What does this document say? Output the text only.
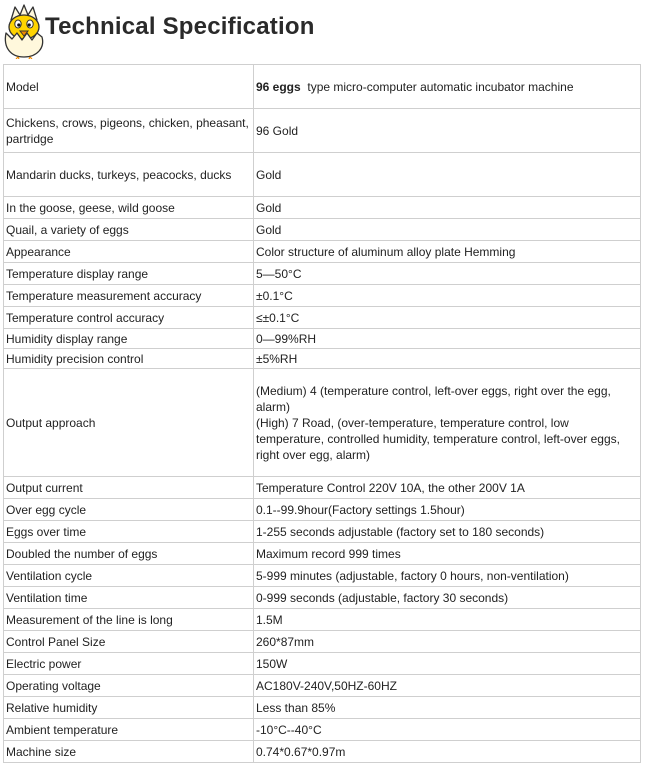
Technical Specification
Model	96 eggs type micro-computer automatic incubator machine
Chickens, crows, pigeons, chicken, pheasant, partridge	96 Gold
Mandarin ducks, turkeys, peacocks, ducks	Gold
In the goose, geese, wild goose	Gold
Quail, a variety of eggs	Gold
Appearance	Color structure of aluminum alloy plate Hemming
Temperature display range	5—50°C
Temperature measurement accuracy	±0.1°C
Temperature control accuracy	≤±0.1°C
Humidity display range	0—99%RH
Humidity precision control	±5%RH
Output approach	(Medium) 4 (temperature control, left-over eggs, right over the egg, alarm)
(High) 7 Road, (over-temperature, temperature control, low temperature, controlled humidity, temperature control, left-over eggs, right over egg, alarm)

Output current	Temperature Control 220V 10A, the other 200V 1A
Over egg cycle	0.1--99.9hour(Factory settings 1.5hour)
Eggs over time	1-255 seconds adjustable (factory set to 180 seconds)
Doubled the number of eggs	Maximum record 999 times
Ventilation cycle	5-999 minutes (adjustable, factory 0 hours, non-ventilation)
Ventilation time	0-999 seconds (adjustable, factory 30 seconds)
Measurement of the line is long	1.5M
Control Panel Size	260*87mm
Electric power	150W
Operating voltage	AC180V-240V,50HZ-60HZ
Relative humidity	Less than 85%
Ambient temperature	-10°C--40°C
Machine size	0.74*0.67*0.97m
